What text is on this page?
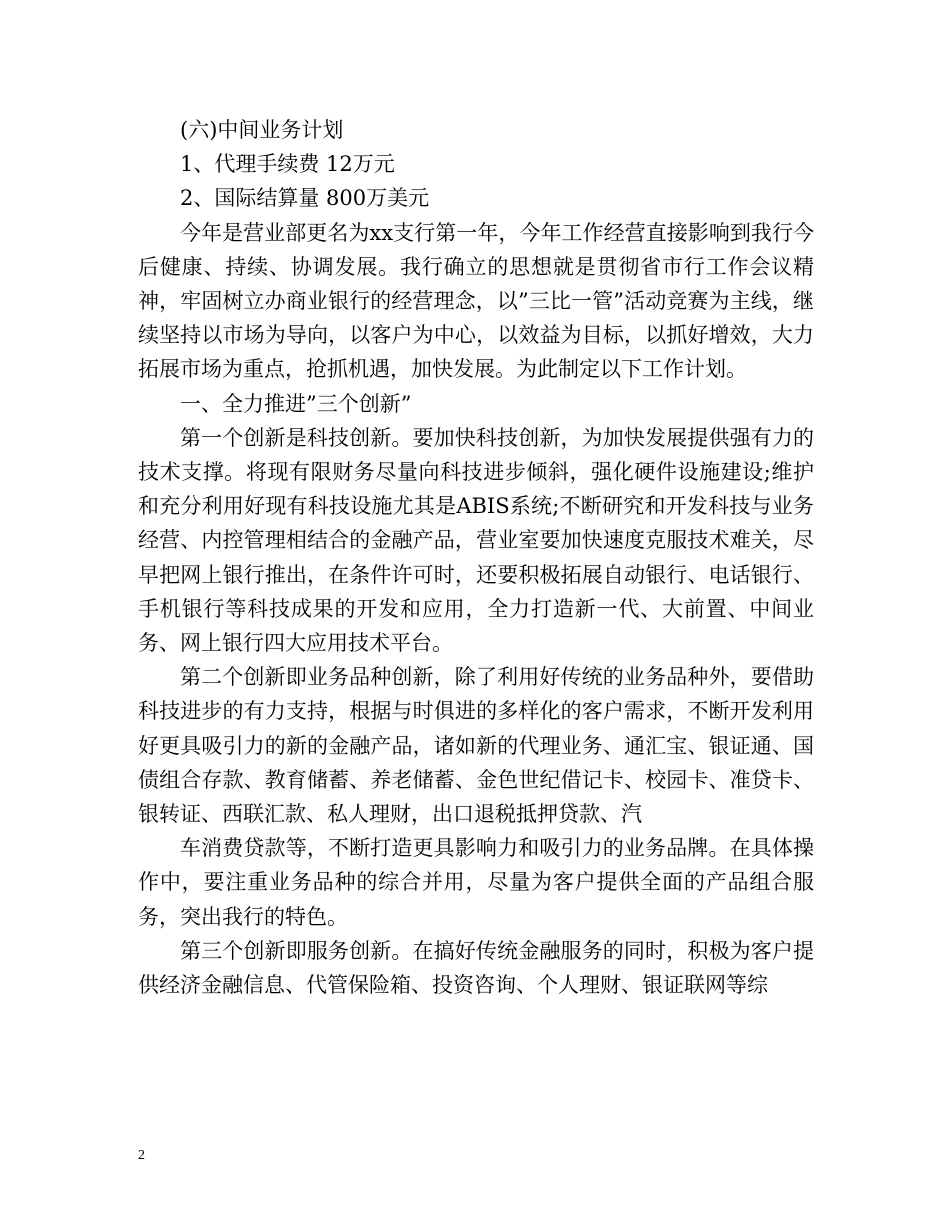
(六)中间业务计划

1、代理手续费 12万元

2、国际结算量 800万美元

今年是营业部更名为xx支行第一年，今年工作经营直接影响到我行今后健康、持续、协调发展。我行确立的思想就是贯彻省市行工作会议精神，牢固树立办商业银行的经营理念，以”三比一管”活动竞赛为主线，继续坚持以市场为导向，以客户为中心，以效益为目标，以抓好增效，大力拓展市场为重点，抢抓机遇，加快发展。为此制定以下工作计划。

一、全力推进”三个创新”

第一个创新是科技创新。要加快科技创新，为加快发展提供强有力的技术支撑。将现有限财务尽量向科技进步倾斜，强化硬件设施建设;维护和充分利用好现有科技设施尤其是ABIS系统;不断研究和开发科技与业务经营、内控管理相结合的金融产品，营业室要加快速度克服技术难关，尽早把网上银行推出，在条件许可时，还要积极拓展自动银行、电话银行、手机银行等科技成果的开发和应用，全力打造新一代、大前置、中间业务、网上银行四大应用技术平台。

第二个创新即业务品种创新，除了利用好传统的业务品种外，要借助科技进步的有力支持，根据与时俱进的多样化的客户需求，不断开发利用好更具吸引力的新的金融产品，诸如新的代理业务、通汇宝、银证通、国债组合存款、教育储蓄、养老储蓄、金色世纪借记卡、校园卡、准贷卡、银转证、西联汇款、私人理财，出口退税抵押贷款、汽

车消费贷款等，不断打造更具影响力和吸引力的业务品牌。在具体操作中，要注重业务品种的综合并用，尽量为客户提供全面的产品组合服务，突出我行的特色。

第三个创新即服务创新。在搞好传统金融服务的同时，积极为客户提供经济金融信息、代管保险箱、投资咨询、个人理财、银证联网等综

2
